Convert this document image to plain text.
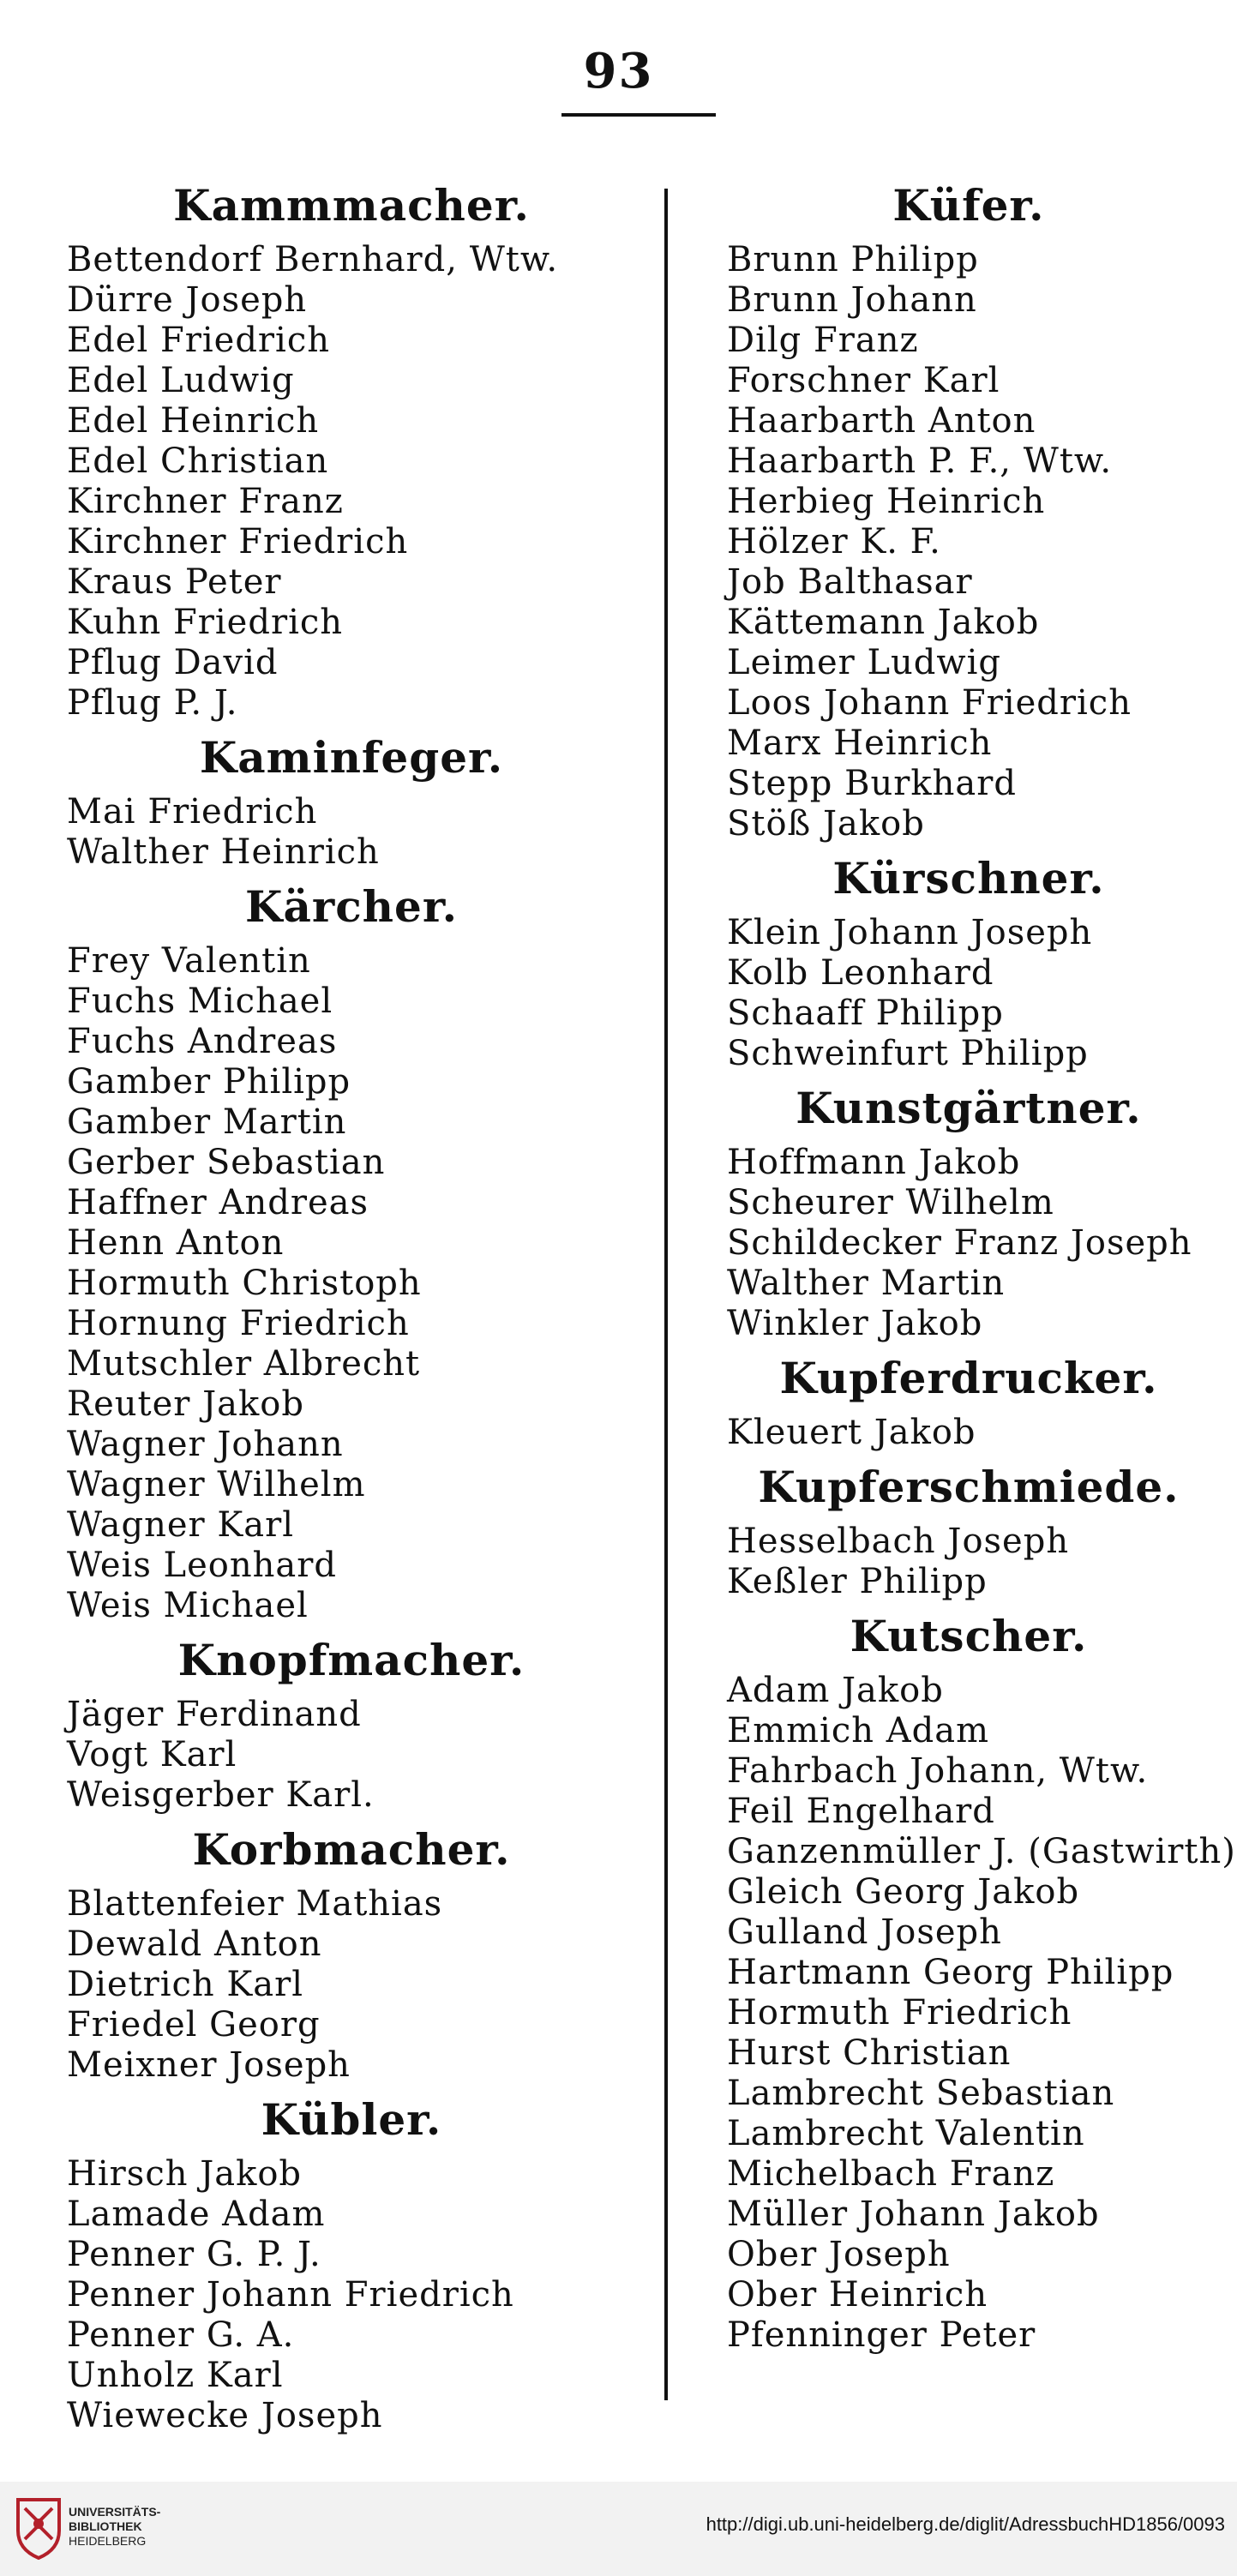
93
Kammmacher.
Bettendorf Bernhard, Wtw.
Dürre Joseph
Edel Friedrich
Edel Ludwig
Edel Heinrich
Edel Christian
Kirchner Franz
Kirchner Friedrich
Kraus Peter
Kuhn Friedrich
Pflug David
Pflug P. J.
Kaminfeger.
Mai Friedrich
Walther Heinrich
Kärcher.
Frey Valentin
Fuchs Michael
Fuchs Andreas
Gamber Philipp
Gamber Martin
Gerber Sebastian
Haffner Andreas
Henn Anton
Hormuth Christoph
Hornung Friedrich
Mutschler Albrecht
Reuter Jakob
Wagner Johann
Wagner Wilhelm
Wagner Karl
Weis Leonhard
Weis Michael
Knopfmacher.
Jäger Ferdinand
Vogt Karl
Weisgerber Karl.
Korbmacher.
Blattenfeier Mathias
Dewald Anton
Dietrich Karl
Friedel Georg
Meixner Joseph
Kübler.
Hirsch Jakob
Lamade Adam
Penner G. P. J.
Penner Johann Friedrich
Penner G. A.
Unholz Karl
Wiewecke Joseph
Küfer.
Brunn Philipp
Brunn Johann
Dilg Franz
Forschner Karl
Haarbarth Anton
Haarbarth P. F., Wtw.
Herbieg Heinrich
Hölzer K. F.
Job Balthasar
Kättemann Jakob
Leimer Ludwig
Loos Johann Friedrich
Marx Heinrich
Stepp Burkhard
Stöß Jakob
Kürschner.
Klein Johann Joseph
Kolb Leonhard
Schaaff Philipp
Schweinfurt Philipp
Kunstgärtner.
Hoffmann Jakob
Scheurer Wilhelm
Schildecker Franz Joseph
Walther Martin
Winkler Jakob
Kupferdrucker.
Kleuert Jakob
Kupferschmiede.
Hesselbach Joseph
Keßler Philipp
Kutscher.
Adam Jakob
Emmich Adam
Fahrbach Johann, Wtw.
Feil Engelhard
Ganzenmüller J. (Gastwirth)
Gleich Georg Jakob
Gulland Joseph
Hartmann Georg Philipp
Hormuth Friedrich
Hurst Christian
Lambrecht Sebastian
Lambrecht Valentin
Michelbach Franz
Müller Johann Jakob
Ober Joseph
Ober Heinrich
Pfenninger Peter
UNIVERSITÄTS-
BIBLIOTHEK
HEIDELBERG
http://digi.ub.uni-heidelberg.de/diglit/AdressbuchHD1856/0093
